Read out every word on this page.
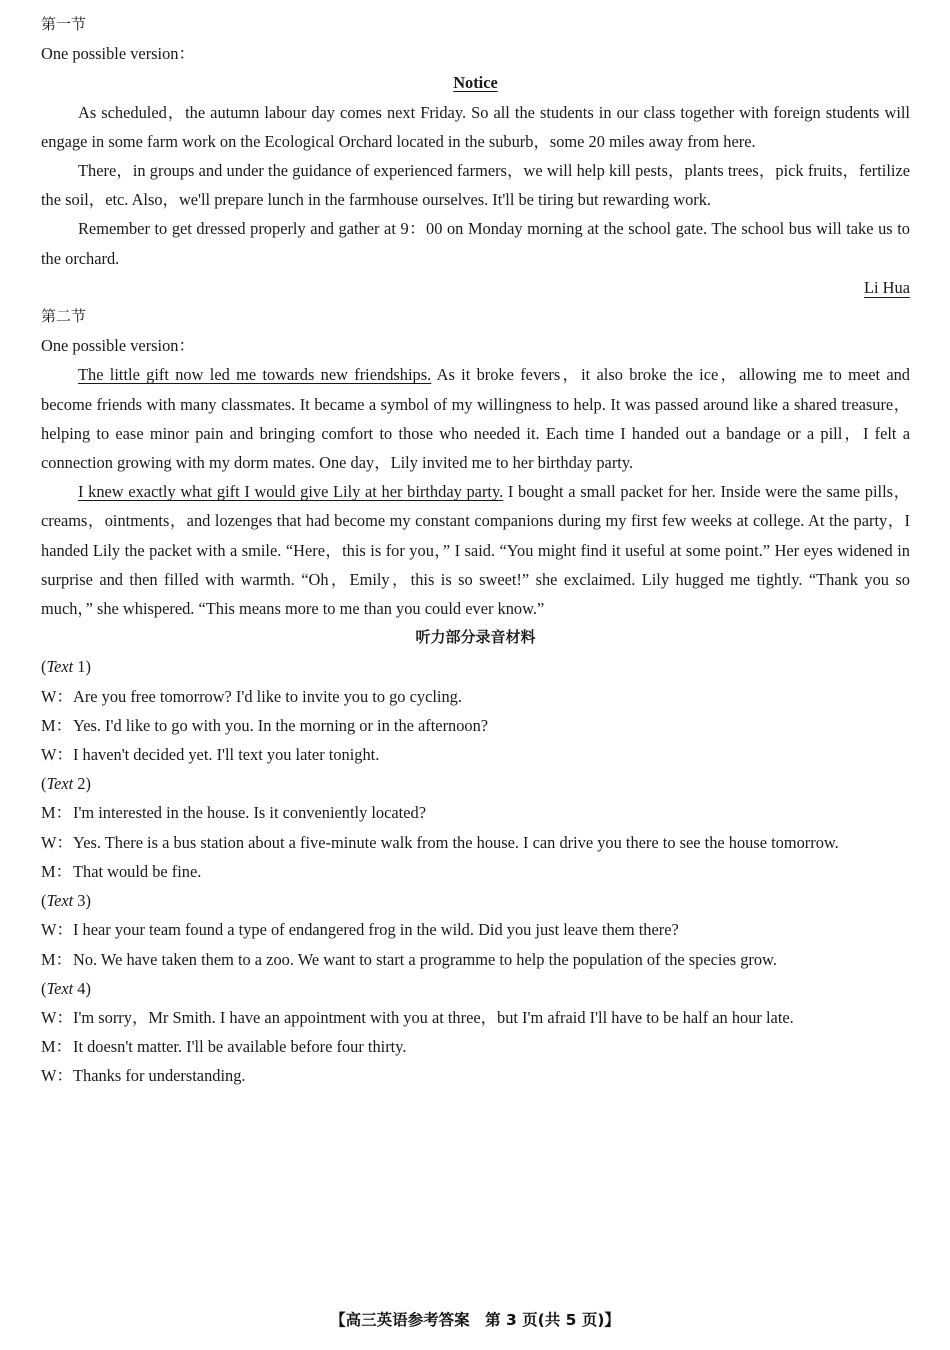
第一节
One possible version：
Notice

As scheduled，the autumn labour day comes next Friday. So all the students in our class together with foreign students will engage in some farm work on the Ecological Orchard located in the suburb，some 20 miles away from here.

There，in groups and under the guidance of experienced farmers，we will help kill pests，plants trees，pick fruits，fertilize the soil，etc. Also，we'll prepare lunch in the farmhouse ourselves. It'll be tiring but rewarding work.

Remember to get dressed properly and gather at 9：00 on Monday morning at the school gate. The school bus will take us to the orchard.

Li Hua
第二节
One possible version：

The little gift now led me towards new friendships. As it broke fevers，it also broke the ice，allowing me to meet and become friends with many classmates. It became a symbol of my willingness to help. It was passed around like a shared treasure，helping to ease minor pain and bringing comfort to those who needed it. Each time I handed out a bandage or a pill，I felt a connection growing with my dorm mates. One day，Lily invited me to her birthday party.

I knew exactly what gift I would give Lily at her birthday party. I bought a small packet for her. Inside were the same pills，creams，ointments，and lozenges that had become my constant companions during my first few weeks at college. At the party，I handed Lily the packet with a smile. “Here，this is for you，” I said. “You might find it useful at some point.” Her eyes widened in surprise and then filled with warmth. “Oh，Emily，this is so sweet!” she exclaimed. Lily hugged me tightly. “Thank you so much，” she whispered. “This means more to me than you could ever know.”

听力部分录音材料
(Text 1)
W： Are you free tomorrow? I'd like to invite you to go cycling.
M： Yes. I'd like to go with you. In the morning or in the afternoon?
W： I haven't decided yet. I'll text you later tonight.
(Text 2)
M： I'm interested in the house. Is it conveniently located?
W： Yes. There is a bus station about a five-minute walk from the house. I can drive you there to see the house tomorrow.
M： That would be fine.
(Text 3)
W： I hear your team found a type of endangered frog in the wild. Did you just leave them there?
M： No. We have taken them to a zoo. We want to start a programme to help the population of the species grow.
(Text 4)
W： I'm sorry，Mr Smith. I have an appointment with you at three，but I'm afraid I'll have to be half an hour late.
M： It doesn't matter. I'll be available before four thirty.
W： Thanks for understanding.
【高三英语参考答案　第 3 页(共 5 页)】
